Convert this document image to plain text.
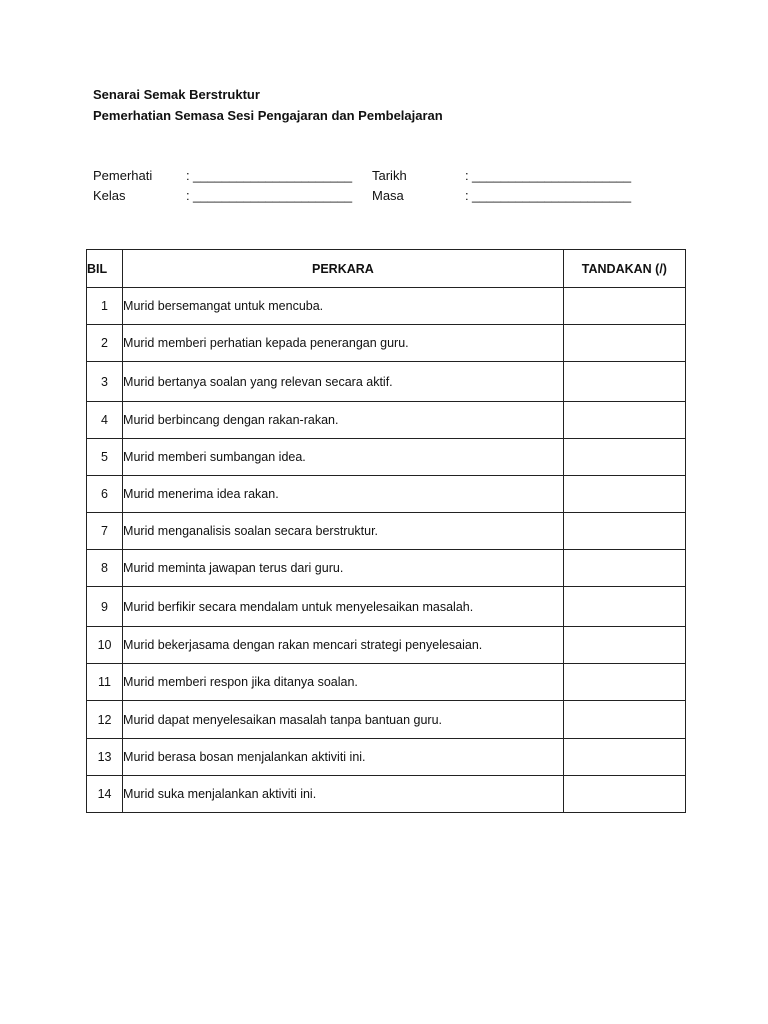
Senarai Semak Berstruktur
Pemerhatian Semasa Sesi Pengajaran dan Pembelajaran
Pemerhati	: ______________________ Tarikh	: ______________________
Kelas	: ______________________ Masa	: ______________________
BIL	PERKARA	TANDAKAN (/)
1	Murid bersemangat untuk mencuba.	
2	Murid memberi perhatian kepada penerangan guru.	
3	Murid bertanya soalan yang relevan secara aktif.	
4	Murid berbincang dengan rakan-rakan.	
5	Murid memberi sumbangan idea.	
6	Murid menerima idea rakan.	
7	Murid menganalisis soalan secara berstruktur.	
8	Murid meminta jawapan terus dari guru.	
9	Murid berfikir secara mendalam untuk menyelesaikan masalah.	
10	Murid bekerjasama dengan rakan mencari strategi penyelesaian.	
11	Murid memberi respon jika ditanya soalan.	
12	Murid dapat menyelesaikan masalah tanpa bantuan guru.	
13	Murid berasa bosan menjalankan aktiviti ini.	
14	Murid suka menjalankan aktiviti ini.	
